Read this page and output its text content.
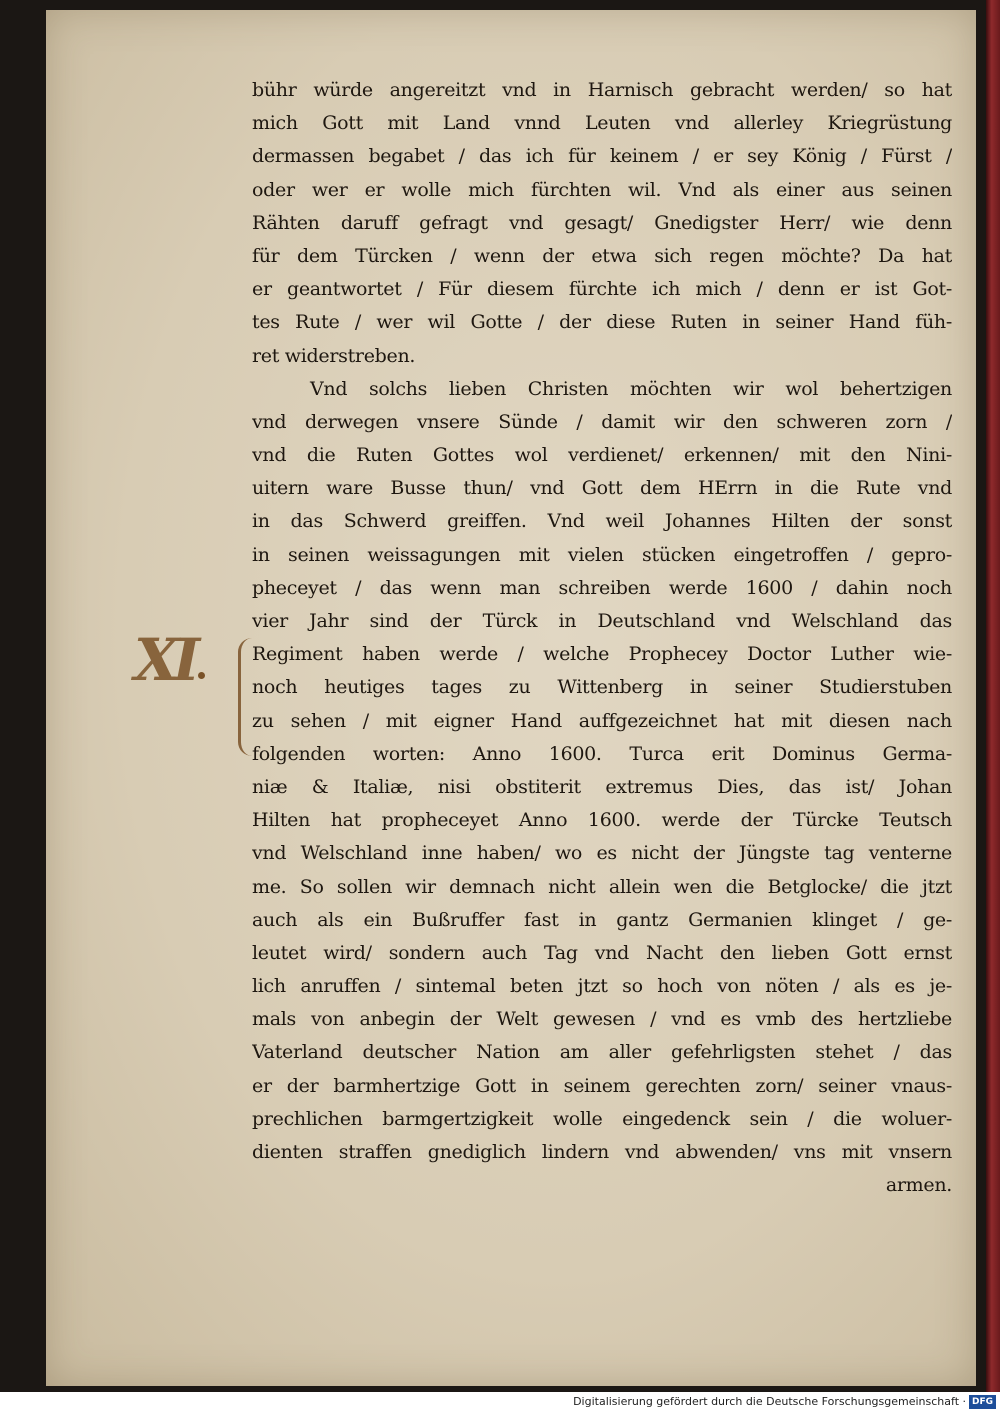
XI
bühr würde angereitzt vnd in Harnisch gebracht werden/ so hat
mich Gott mit Land vnnd Leuten vnd allerley Kriegrüstung
dermassen begabet / das ich für keinem / er sey König / Fürst /
oder wer er wolle mich fürchten wil. Vnd als einer aus seinen
Rähten daruff gefragt vnd gesagt/ Gnedigster Herr/ wie denn
für dem Türcken / wenn der etwa sich regen möchte? Da hat
er geantwortet / Für diesem fürchte ich mich / denn er ist Got-
tes Rute / wer wil Gotte / der diese Ruten in seiner Hand füh-
ret widerstreben.
Vnd solchs lieben Christen möchten wir wol behertzigen
vnd derwegen vnsere Sünde / damit wir den schweren zorn /
vnd die Ruten Gottes wol verdienet/ erkennen/ mit den Nini-
uitern ware Busse thun/ vnd Gott dem HErrn in die Rute vnd
in das Schwerd greiffen. Vnd weil Johannes Hilten der sonst
in seinen weissagungen mit vielen stücken eingetroffen / gepro-
pheceyet / das wenn man schreiben werde 1600 / dahin noch
vier Jahr sind der Türck in Deutschland vnd Welschland das
Regiment haben werde / welche Prophecey Doctor Luther wie-
noch heutiges tages zu Wittenberg in seiner Studierstuben
zu sehen / mit eigner Hand auffgezeichnet hat mit diesen nach
folgenden worten: Anno 1600. Turca erit Dominus Germa-
niæ & Italiæ, nisi obstiterit extremus Dies, das ist/ Johan
Hilten hat propheceyet Anno 1600. werde der Türcke Teutsch
vnd Welschland inne haben/ wo es nicht der Jüngste tag venterne
me. So sollen wir demnach nicht allein wen die Betglocke/ die jtzt
auch als ein Bußruffer fast in gantz Germanien klinget / ge-
leutet wird/ sondern auch Tag vnd Nacht den lieben Gott ernst
lich anruffen / sintemal beten jtzt so hoch von nöten / als es je-
mals von anbegin der Welt gewesen / vnd es vmb des hertzliebe
Vaterland deutscher Nation am aller gefehrligsten stehet / das
er der barmhertzige Gott in seinem gerechten zorn/ seiner vnaus-
prechlichen barmgertzigkeit wolle eingedenck sein / die woluer-
dienten straffen gnediglich lindern vnd abwenden/ vns mit vnsern
armen.
Digitalisierung gefördert durch die Deutsche Forschungsgemeinschaft · DFG
